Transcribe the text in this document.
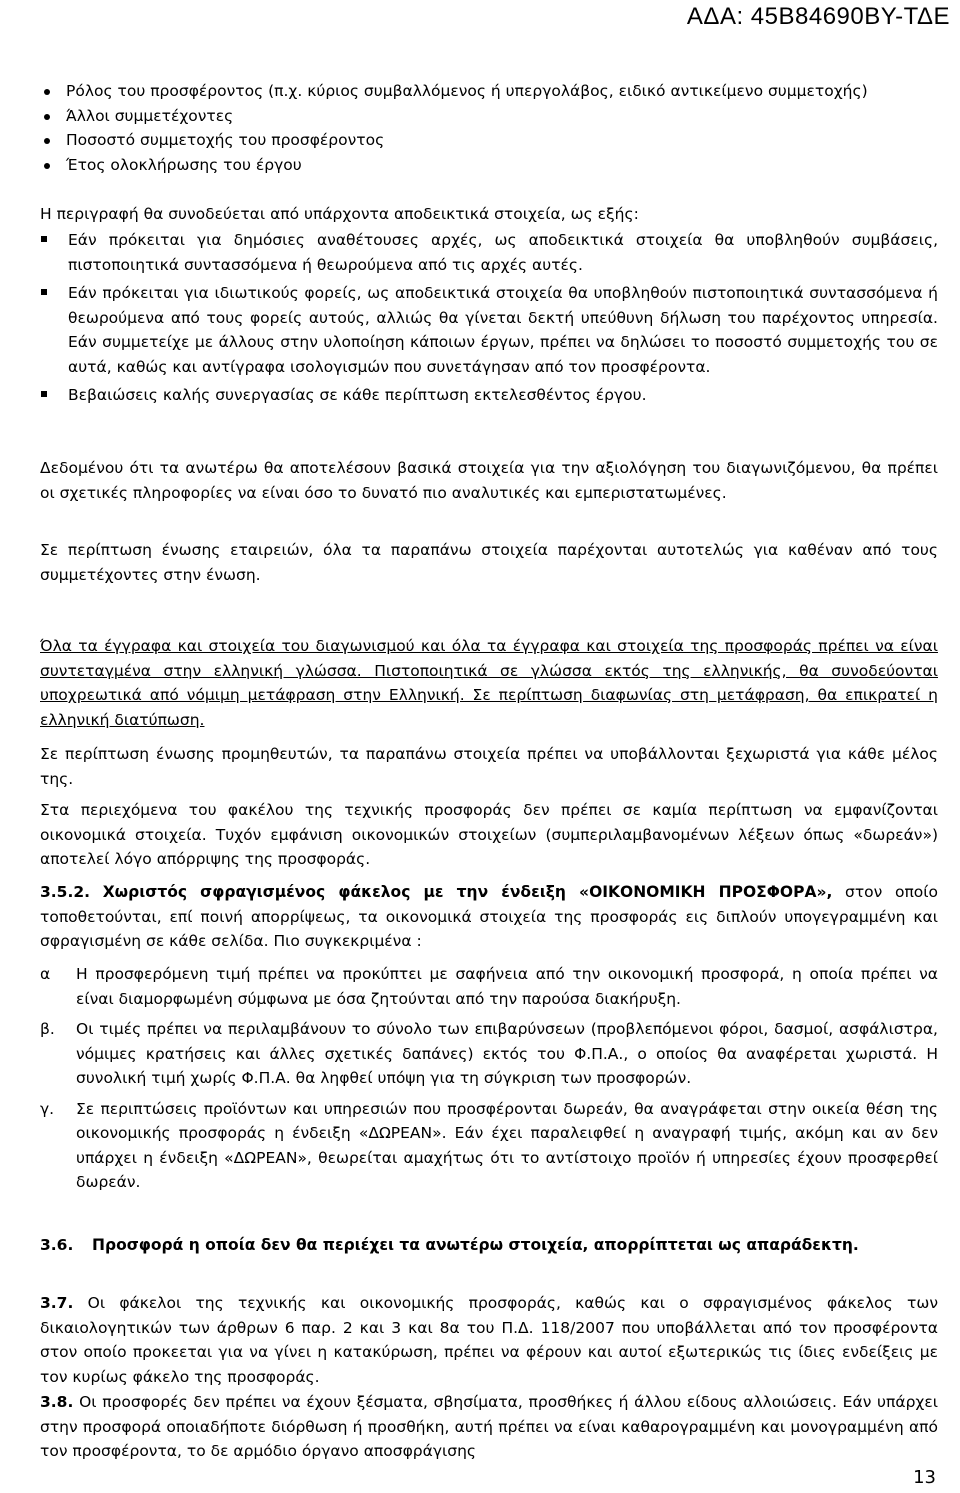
ΑΔΑ: 45Β84690ΒΥ-ΤΔΕ
Ρόλος του προσφέροντος (π.χ. κύριος συμβαλλόμενος ή υπεργολάβος, ειδικό αντικείμενο συμμετοχής)
Άλλοι συμμετέχοντες
Ποσοστό συμμετοχής του προσφέροντος
Έτος ολοκλήρωσης του έργου

Η περιγραφή θα συνοδεύεται από υπάρχοντα αποδεικτικά στοιχεία, ως εξής:

Εάν πρόκειται για δημόσιες αναθέτουσες αρχές, ως αποδεικτικά στοιχεία θα υποβληθούν συμβάσεις, πιστοποιητικά συντασσόμενα ή θεωρούμενα από τις αρχές αυτές.
Εάν πρόκειται για ιδιωτικούς φορείς, ως αποδεικτικά στοιχεία θα υποβληθούν πιστοποιητικά συντασσόμενα ή θεωρούμενα από τους φορείς αυτούς, αλλιώς θα γίνεται δεκτή υπεύθυνη δήλωση του παρέχοντος υπηρεσία. Εάν συμμετείχε με άλλους στην υλοποίηση κάποιων έργων, πρέπει να δηλώσει το ποσοστό συμμετοχής του σε αυτά, καθώς και αντίγραφα ισολογισμών που συνετάγησαν από τον προσφέροντα.
Βεβαιώσεις καλής συνεργασίας σε κάθε περίπτωση εκτελεσθέντος έργου.

Δεδομένου ότι τα ανωτέρω θα αποτελέσουν βασικά στοιχεία για την αξιολόγηση του διαγωνιζόμενου, θα πρέπει οι σχετικές πληροφορίες να είναι όσο το δυνατό πιο αναλυτικές και εμπεριστατωμένες.

Σε περίπτωση ένωσης εταιρειών, όλα τα παραπάνω στοιχεία παρέχονται αυτοτελώς για καθέναν από τους συμμετέχοντες στην ένωση.

Όλα τα έγγραφα και στοιχεία του διαγωνισμού και όλα τα έγγραφα και στοιχεία της προσφοράς πρέπει να είναι συντεταγμένα στην ελληνική γλώσσα. Πιστοποιητικά σε γλώσσα εκτός της ελληνικής, θα συνοδεύονται υποχρεωτικά από νόμιμη μετάφραση στην Ελληνική. Σε περίπτωση διαφωνίας στη μετάφραση, θα επικρατεί η ελληνική διατύπωση.

Σε περίπτωση ένωσης προμηθευτών, τα παραπάνω στοιχεία πρέπει να υποβάλλονται ξεχωριστά για κάθε μέλος της.

Στα περιεχόμενα του φακέλου της τεχνικής προσφοράς δεν πρέπει σε καμία περίπτωση να εμφανίζονται οικονομικά στοιχεία. Τυχόν εμφάνιση οικονομικών στοιχείων (συμπεριλαμβανομένων λέξεων όπως «δωρεάν») αποτελεί λόγο απόρριψης της προσφοράς.

3.5.2. Χωριστός σφραγισμένος φάκελος με την ένδειξη «ΟΙΚΟΝΟΜΙΚΗ ΠΡΟΣΦΟΡΑ», στον οποίο τοποθετούνται, επί ποινή απορρίψεως, τα οικονομικά στοιχεία της προσφοράς εις διπλούν υπογεγραμμένη και σφραγισμένη σε κάθε σελίδα. Πιο συγκεκριμένα :

α	Η προσφερόμενη τιμή πρέπει να προκύπτει με σαφήνεια από την οικονομική προσφορά, η οποία πρέπει να είναι διαμορφωμένη σύμφωνα με όσα ζητούνται από την παρούσα διακήρυξη.
β.	Οι τιμές πρέπει να περιλαμβάνουν το σύνολο των επιβαρύνσεων (προβλεπόμενοι φόροι, δασμοί, ασφάλιστρα, νόμιμες κρατήσεις και άλλες σχετικές δαπάνες) εκτός του Φ.Π.Α., ο οποίος θα αναφέρεται χωριστά. Η συνολική τιμή χωρίς Φ.Π.Α. θα ληφθεί υπόψη για τη σύγκριση των προσφορών.
γ.	Σε περιπτώσεις προϊόντων και υπηρεσιών που προσφέρονται δωρεάν, θα αναγράφεται στην οικεία θέση της οικονομικής προσφοράς η ένδειξη «ΔΩΡΕΑΝ». Εάν έχει παραλειφθεί η αναγραφή τιμής, ακόμη και αν δεν υπάρχει η ένδειξη «ΔΩΡΕΑΝ», θεωρείται αμαχήτως ότι το αντίστοιχο προϊόν ή υπηρεσίες έχουν προσφερθεί δωρεάν.
3.6.	Προσφορά η οποία δεν θα περιέχει τα ανωτέρω στοιχεία, απορρίπτεται ως απαράδεκτη.

3.7. Οι φάκελοι της τεχνικής και οικονομικής προσφοράς, καθώς και ο σφραγισμένος φάκελος των δικαιολογητικών των άρθρων 6 παρ. 2 και 3 και 8α του Π.Δ. 118/2007 που υποβάλλεται από τον προσφέροντα στον οποίο προκεεται για να γίνει η κατακύρωση, πρέπει να φέρουν και αυτοί εξωτερικώς τις ίδιες ενδείξεις με τον κυρίως φάκελο της προσφοράς.

3.8. Οι προσφορές δεν πρέπει να έχουν ξέσματα, σβησίματα, προσθήκες ή άλλου είδους αλλοιώσεις. Εάν υπάρχει στην προσφορά οποιαδήποτε διόρθωση ή προσθήκη, αυτή πρέπει να είναι καθαρογραμμένη και μονογραμμένη από τον προσφέροντα, το δε αρμόδιο όργανο αποσφράγισης

13
